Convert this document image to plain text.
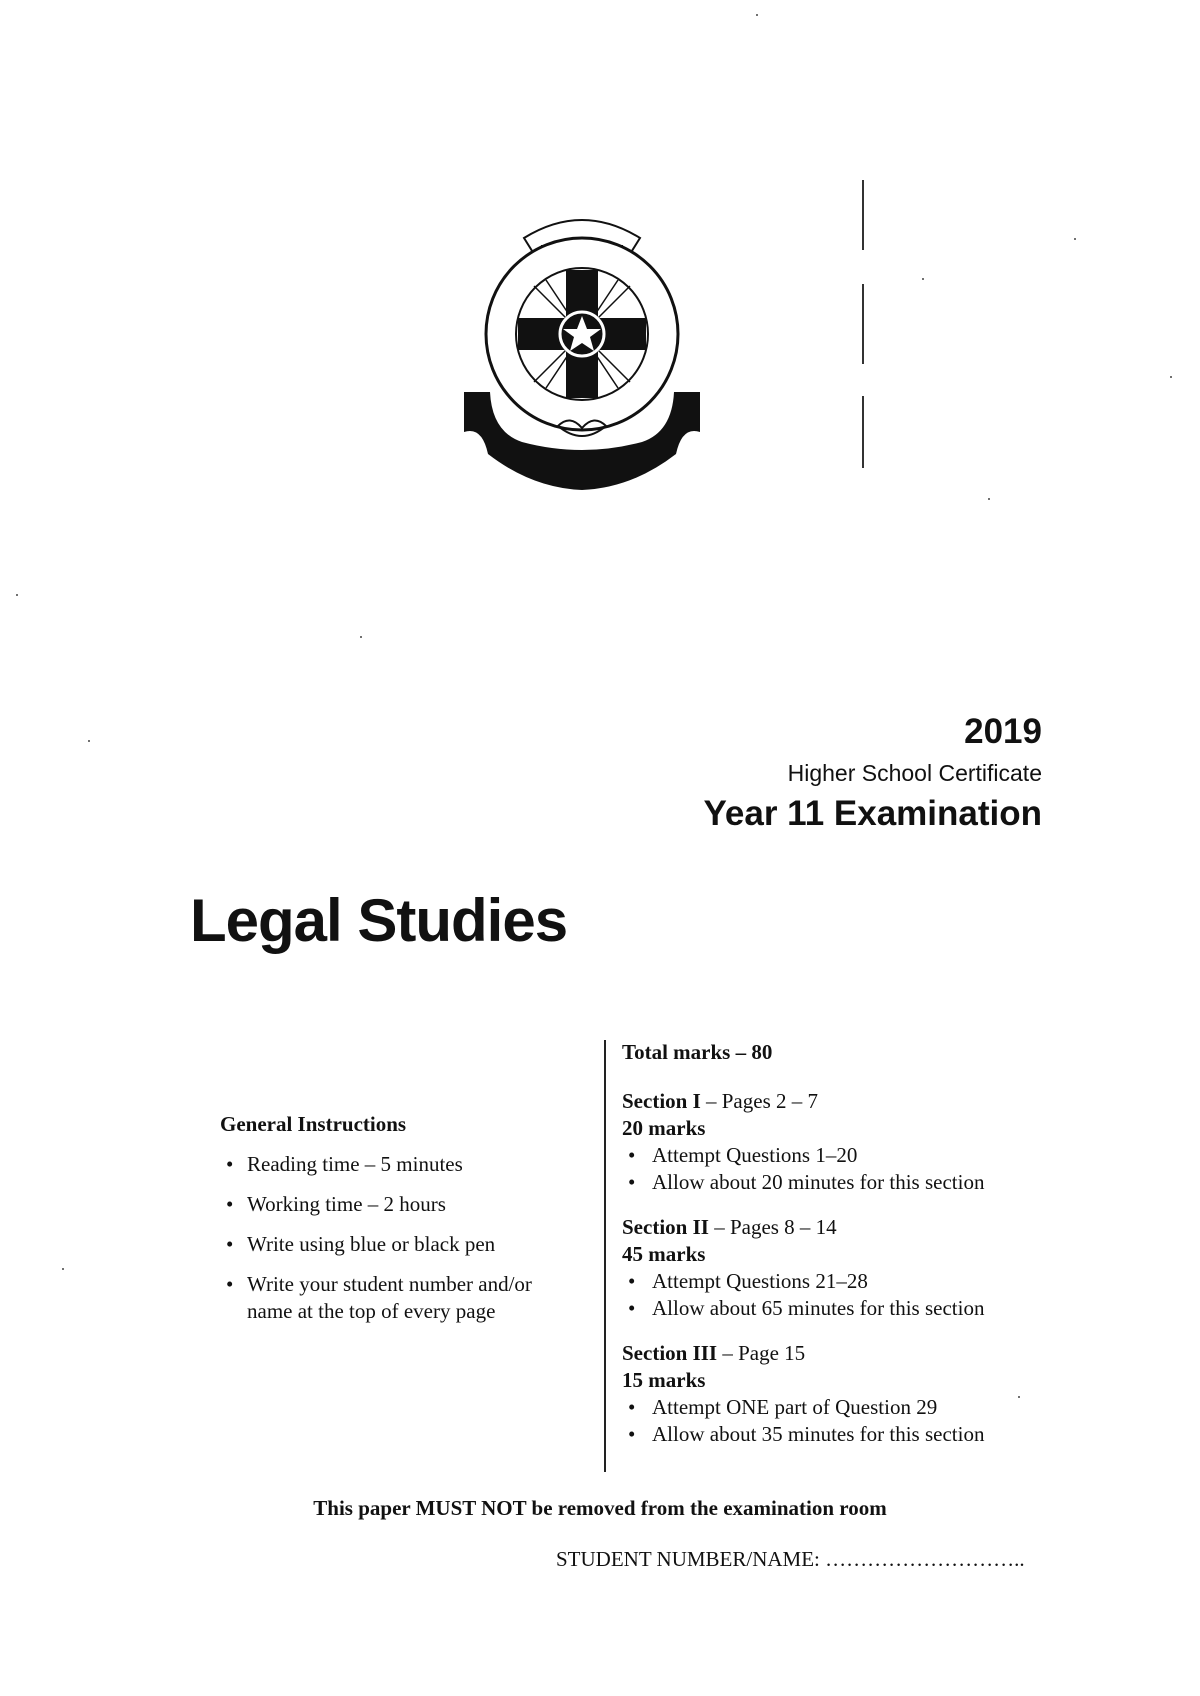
2019
Higher School Certificate
Year 11 Examination
Legal Studies
General Instructions
• Reading time – 5 minutes
• Working time – 2 hours
• Write using blue or black pen
• Write your student number and/or name at the top of every page
Total marks – 80
Section I – Pages 2 – 7
20 marks
• Attempt Questions 1–20
• Allow about 20 minutes for this section
Section II – Pages 8 – 14
45 marks
• Attempt Questions 21–28
• Allow about 65 minutes for this section
Section III – Page 15
15 marks
• Attempt ONE part of Question 29
• Allow about 35 minutes for this section
This paper MUST NOT be removed from the examination room
STUDENT NUMBER/NAME: ………………………..
